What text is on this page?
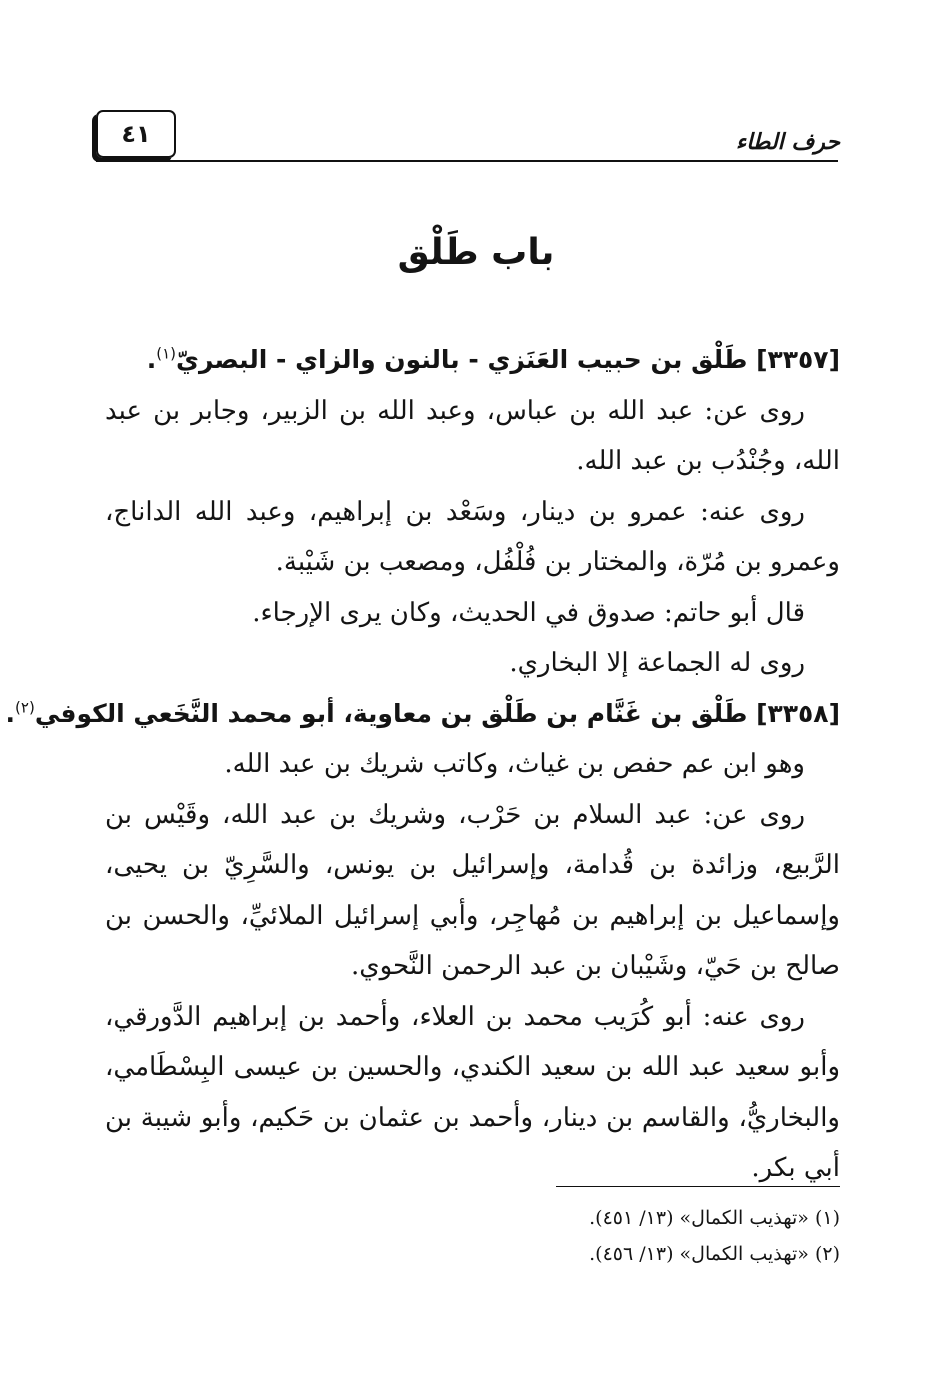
حرف الطاء
٤١
باب طَلْق
[٣٣٥٧] طَلْق بن حبيب العَنَزي - بالنون والزاي - البصريّ$^{(١)}$.

روى عن: عبد الله بن عباس، وعبد الله بن الزبير، وجابر بن عبد الله، وجُنْدُب بن عبد الله.

روى عنه: عمرو بن دينار، وسَعْد بن إبراهيم، وعبد الله الداناج، وعمرو بن مُرّة، والمختار بن فُلْفُل، ومصعب بن شَيْبة.

قال أبو حاتم: صدوق في الحديث، وكان يرى الإرجاء.

روى له الجماعة إلا البخاري.

[٣٣٥٨] طَلْق بن غَنَّام بن طَلْق بن معاوية، أبو محمد النَّخَعي الكوفي$^{(٢)}$.

وهو ابن عم حفص بن غياث، وكاتب شريك بن عبد الله.

روى عن: عبد السلام بن حَرْب، وشريك بن عبد الله، وقَيْس بن الرَّبيع، وزائدة بن قُدامة، وإسرائيل بن يونس، والسَّرِيّ بن يحيى، وإسماعيل بن إبراهيم بن مُهاجِر، وأبي إسرائيل الملائيِّ، والحسن بن صالح بن حَيّ، وشَيْبان بن عبد الرحمن النَّحوي.

روى عنه: أبو كُرَيب محمد بن العلاء، وأحمد بن إبراهيم الدَّورقي، وأبو سعيد عبد الله بن سعيد الكندي، والحسين بن عيسى البِسْطَامي، والبخاريُّ، والقاسم بن دينار، وأحمد بن عثمان بن حَكيم، وأبو شيبة بن أبي بكر.

(١) «تهذيب الكمال» (١٣/ ٤٥١).
(٢) «تهذيب الكمال» (١٣/ ٤٥٦).
